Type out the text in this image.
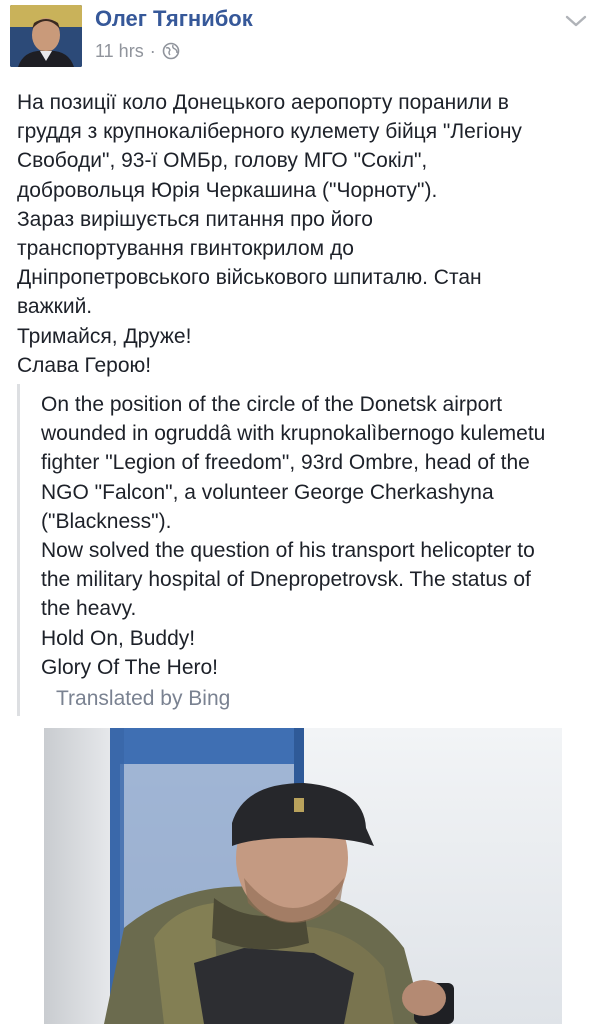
Олег Тягнибок
11 hrs ·
На позиції коло Донецького аеропорту поранили в
груддя з крупнокаліберного кулемету бійця "Легіону
Свободи", 93-ї ОМБр, голову МГО "Сокіл",
добровольця Юрія Черкашина ("Чорноту").
Зараз вирішується питання про його
транспортування гвинтокрилом до
Дніпропетровського військового шпиталю. Стан
важкий.
Тримайся, Друже!
Слава Герою!
On the position of the circle of the Donetsk airport
wounded in ogruddâ with krupnokalìbernogo kulemetu
fighter "Legion of freedom", 93rd Ombre, head of the
NGO "Falcon", a volunteer George Cherkashyna
("Blackness").
Now solved the question of his transport helicopter to
the military hospital of Dnepropetrovsk. The status of
the heavy.
Hold On, Buddy!
Glory Of The Hero!
Translated by Bing
